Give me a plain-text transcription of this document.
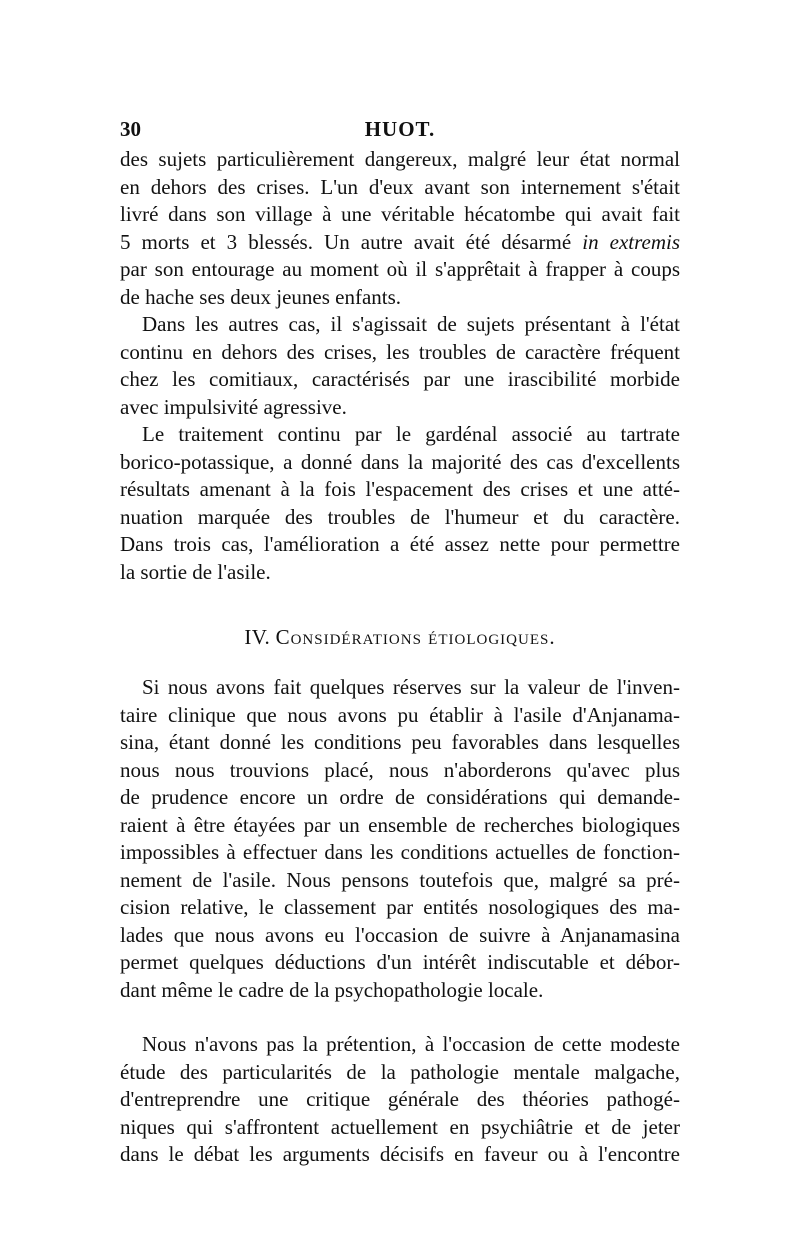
30	HUOT.
des sujets particulièrement dangereux, malgré leur état normal
en dehors des crises. L'un d'eux avant son internement s'était
livré dans son village à une véritable hécatombe qui avait fait
5 morts et 3 blessés. Un autre avait été désarmé in extremis
par son entourage au moment où il s'apprêtait à frapper à coups
de hache ses deux jeunes enfants.
Dans les autres cas, il s'agissait de sujets présentant à l'état
continu en dehors des crises, les troubles de caractère fréquent
chez les comitiaux, caractérisés par une irascibilité morbide
avec impulsivité agressive.
Le traitement continu par le gardénal associé au tartrate
borico-potassique, a donné dans la majorité des cas d'excellents
résultats amenant à la fois l'espacement des crises et une atté-
nuation marquée des troubles de l'humeur et du caractère.
Dans trois cas, l'amélioration a été assez nette pour permettre
la sortie de l'asile.
IV. Considérations étiologiques.
Si nous avons fait quelques réserves sur la valeur de l'inven-
taire clinique que nous avons pu établir à l'asile d'Anjanama-
sina, étant donné les conditions peu favorables dans lesquelles
nous nous trouvions placé, nous n'aborderons qu'avec plus
de prudence encore un ordre de considérations qui demande-
raient à être étayées par un ensemble de recherches biologiques
impossibles à effectuer dans les conditions actuelles de fonction-
nement de l'asile. Nous pensons toutefois que, malgré sa pré-
cision relative, le classement par entités nosologiques des ma-
lades que nous avons eu l'occasion de suivre à Anjanamasina
permet quelques déductions d'un intérêt indiscutable et débor-
dant même le cadre de la psychopathologie locale.
Nous n'avons pas la prétention, à l'occasion de cette modeste
étude des particularités de la pathologie mentale malgache,
d'entreprendre une critique générale des théories pathogé-
niques qui s'affrontent actuellement en psychiâtrie et de jeter
dans le débat les arguments décisifs en faveur ou à l'encontre
